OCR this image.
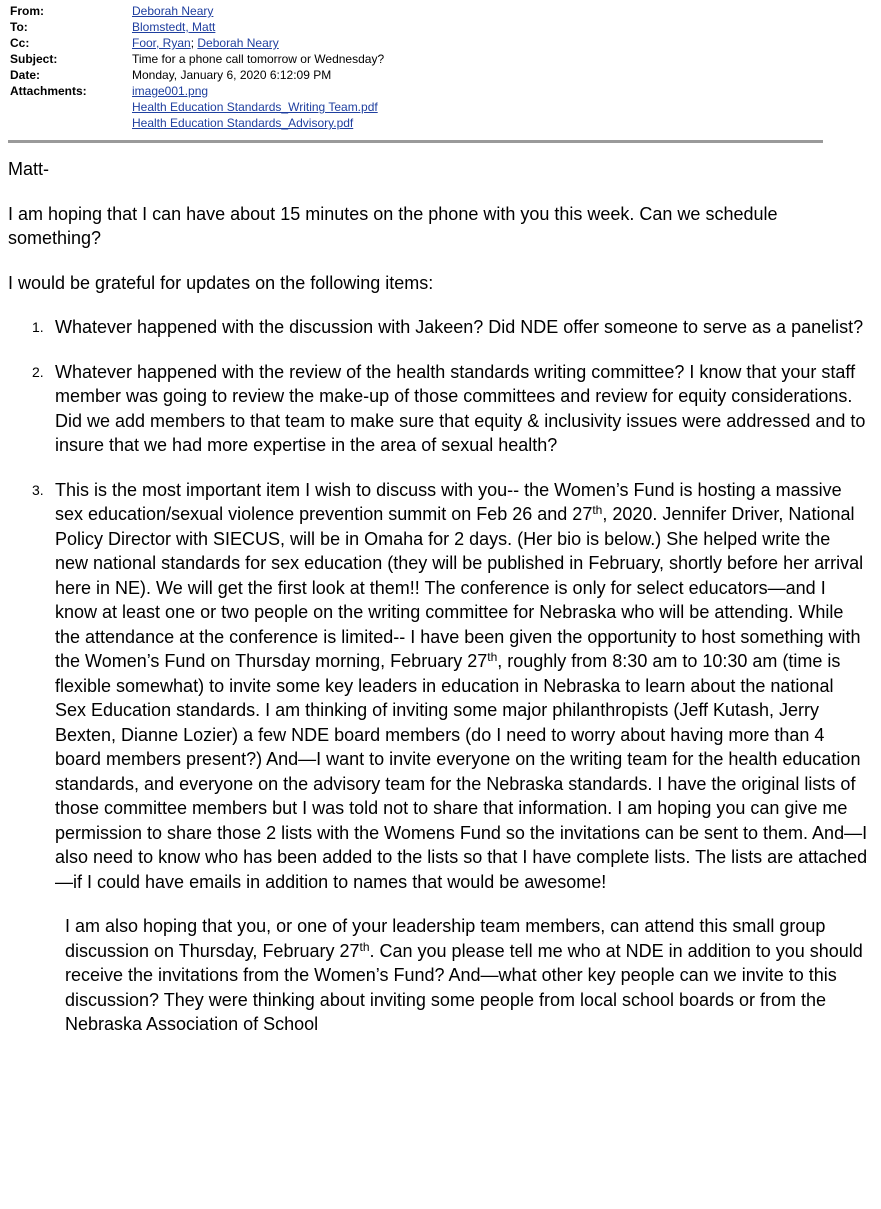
From:	Deborah Neary
To:	Blomstedt, Matt
Cc:	Foor, Ryan; Deborah Neary
Subject:	Time for a phone call tomorrow or Wednesday?
Date:	Monday, January 6, 2020 6:12:09 PM
Attachments:	image001.png
Health Education Standards_Writing Team.pdf
Health Education Standards_Advisory.pdf

Matt-

I am hoping that I can have about 15 minutes on the phone with you this week. Can we schedule something?

I would be grateful for updates on the following items:

1. Whatever happened with the discussion with Jakeen? Did NDE offer someone to serve as a panelist?
2. Whatever happened with the review of the health standards writing committee? I know that your staff member was going to review the make-up of those committees and review for equity considerations. Did we add members to that team to make sure that equity & inclusivity issues were addressed and to insure that we had more expertise in the area of sexual health?
3. This is the most important item I wish to discuss with you-- the Women’s Fund is hosting a massive sex education/sexual violence prevention summit on Feb 26 and 27th, 2020. Jennifer Driver, National Policy Director with SIECUS, will be in Omaha for 2 days. (Her bio is below.) She helped write the new national standards for sex education (they will be published in February, shortly before her arrival here in NE). We will get the first look at them!! The conference is only for select educators—and I know at least one or two people on the writing committee for Nebraska who will be attending. While the attendance at the conference is limited-- I have been given the opportunity to host something with the Women’s Fund on Thursday morning, February 27th, roughly from 8:30 am to 10:30 am (time is flexible somewhat) to invite some key leaders in education in Nebraska to learn about the national Sex Education standards. I am thinking of inviting some major philanthropists (Jeff Kutash, Jerry Bexten, Dianne Lozier) a few NDE board members (do I need to worry about having more than 4 board members present?) And—I want to invite everyone on the writing team for the health education standards, and everyone on the advisory team for the Nebraska standards. I have the original lists of those committee members but I was told not to share that information. I am hoping you can give me permission to share those 2 lists with the Womens Fund so the invitations can be sent to them. And—I also need to know who has been added to the lists so that I have complete lists. The lists are attached—if I could have emails in addition to names that would be awesome!

I am also hoping that you, or one of your leadership team members, can attend this small group discussion on Thursday, February 27th. Can you please tell me who at NDE in addition to you should receive the invitations from the Women’s Fund? And—what other key people can we invite to this discussion? They were thinking about inviting some people from local school boards or from the Nebraska Association of School
